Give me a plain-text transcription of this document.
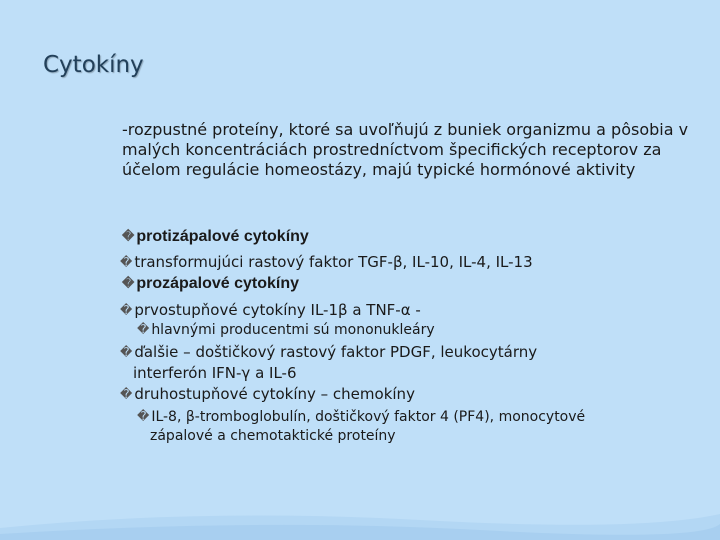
Cytokíny

-rozpustné proteíny, ktoré sa uvoľňujú z buniek organizmu a pôsobia v malých koncentráciách prostredníctvom špecifických receptorov za účelom regulácie homeostázy, majú typické hormónové aktivity

� protizápalové cytokíny
� transformujúci rastový faktor TGF-β, IL-10, IL-4, IL-13
� prozápalové cytokíny
� prvostupňové cytokíny IL-1β a TNF-α -
� hlavnými producentmi sú mononukleáry
� ďalšie – doštičkový rastový faktor PDGF, leukocytárny
interferón IFN-γ a IL-6
� druhostupňové cytokíny – chemokíny
� IL-8, β-tromboglobulín, doštičkový faktor 4 (PF4), monocytové
zápalové a chemotaktické proteíny
